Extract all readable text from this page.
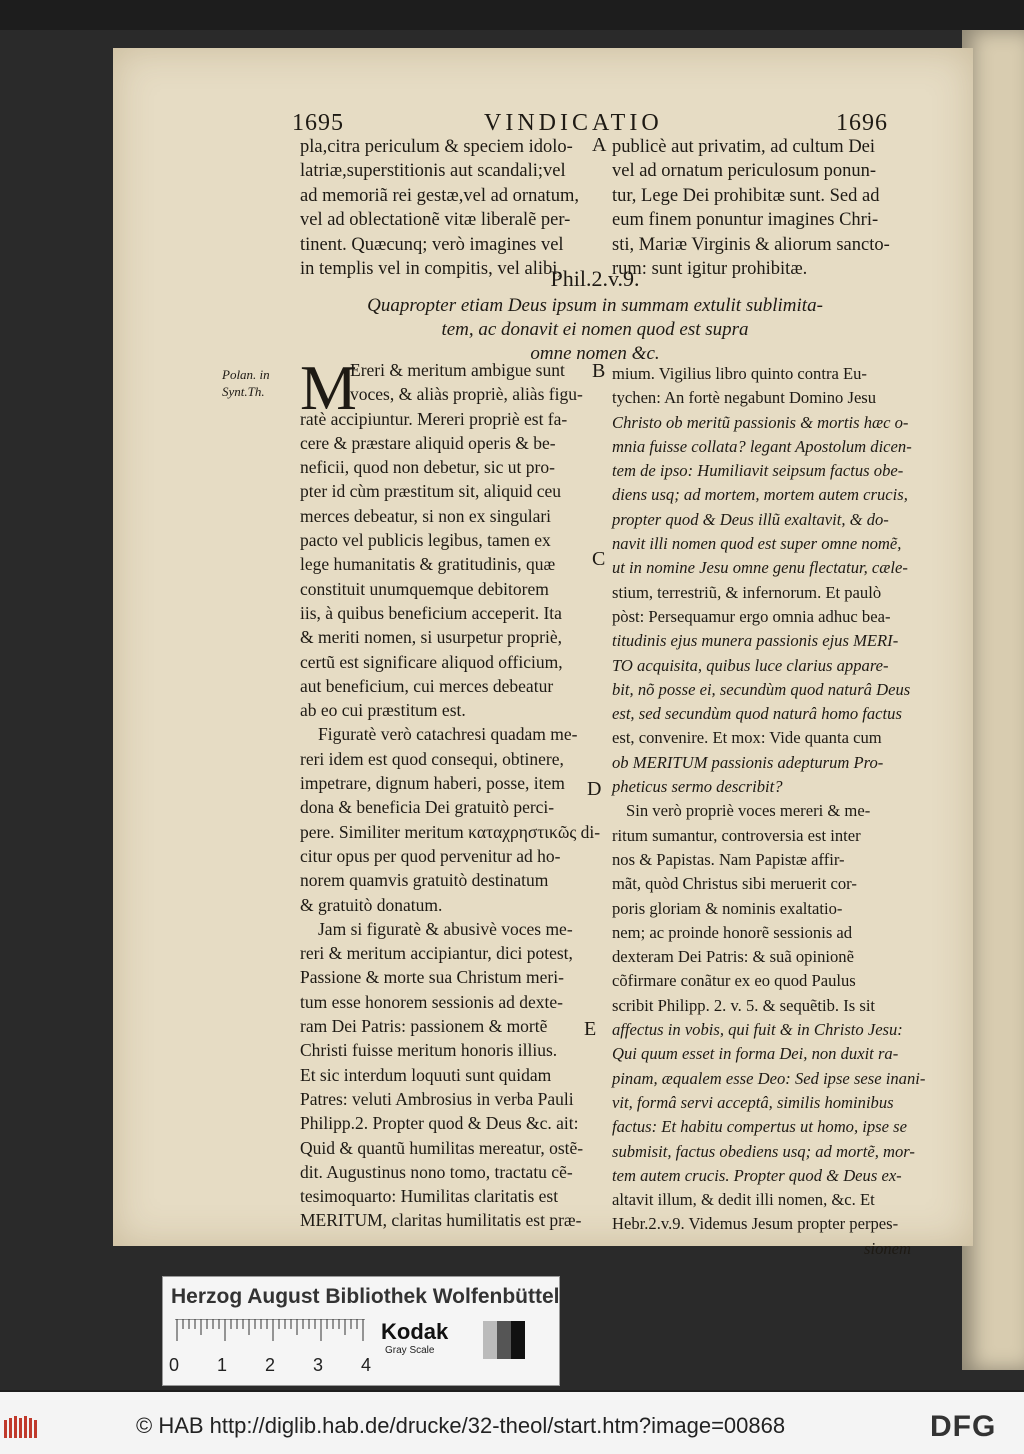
1695	VINDICATIO	1696
pla,citra periculum & speciem idolo-
latriæ,superstitionis aut scandali;vel
ad memoriã rei gestæ,vel ad ornatum,
vel ad oblectationẽ vitæ liberalẽ per-
tinent. Quæcunq; verò imagines vel
in templis vel in compitis, vel alibi,
A publicè aut privatim, ad cultum Dei
vel ad ornatum periculosum ponun-
tur, Lege Dei prohibitæ sunt. Sed ad
eum finem ponuntur imagines Chri-
sti, Mariæ Virginis & aliorum sancto-
rum: sunt igitur prohibitæ.
Phil.2.v.9.
Quapropter etiam Deus ipsum in summam extulit sublimita-
tem, ac donavit ei nomen quod est supra
omne nomen &c.
Polan. in
Synt.Th. M
Ereri & meritum ambigue sunt
voces, & aliàs propriè, aliàs figu-
ratè accipiuntur. Mereri propriè est fa-
cere & præstare aliquid operis & be-
neficii, quod non debetur, sic ut pro-
pter id cùm præstitum sit, aliquid ceu
merces debeatur, si non ex singulari
pacto vel publicis legibus, tamen ex
lege humanitatis & gratitudinis, quæ
constituit unumquemque debitorem
iis, à quibus beneficium acceperit. Ita
& meriti nomen, si usurpetur propriè,
certũ est significare aliquod officium,
aut beneficium, cui merces debeatur
ab eo cui præstitum est.
Figuratè verò catachresi quadam me-
reri idem est quod consequi, obtinere,
impetrare, dignum haberi, posse, item
dona & beneficia Dei gratuitò perci-
pere. Similiter meritum καταχρηστικῶς di-
citur opus per quod pervenitur ad ho-
norem quamvis gratuitò destinatum
& gratuitò donatum.
Jam si figuratè & abusivè voces me-
reri & meritum accipiantur, dici potest,
Passione & morte sua Christum meri-
tum esse honorem sessionis ad dexte-
ram Dei Patris: passionem & mortẽ
Christi fuisse meritum honoris illius.
Et sic interdum loquuti sunt quidam
Patres: veluti Ambrosius in verba Pauli
Philipp.2. Propter quod & Deus &c. ait:
Quid & quantũ humilitas mereatur, ostẽ-
dit. Augustinus nono tomo, tractatu cẽ-
tesimoquarto: Humilitas claritatis est
MERITUM, claritas humilitatis est præ-
B
C
D
E
mium. Vigilius libro quinto contra Eu-
tychen: An fortè negabunt Domino Jesu
Christo ob meritũ passionis & mortis hæc o-
mnia fuisse collata? legant Apostolum dicen-
tem de ipso: Humiliavit seipsum factus obe-
diens usq; ad mortem, mortem autem crucis,
propter quod & Deus illũ exaltavit, & do-
navit illi nomen quod est super omne nomẽ,
ut in nomine Jesu omne genu flectatur, cæle-
stium, terrestriũ, & infernorum. Et paulò
pòst: Persequamur ergo omnia adhuc bea-
titudinis ejus munera passionis ejus MERI-
TO acquisita, quibus luce clarius appare-
bit, nõ posse ei, secundùm quod naturâ Deus
est, sed secundùm quod naturâ homo factus
est, convenire. Et mox: Vide quanta cum
ob MERITUM passionis adepturum Pro-
pheticus sermo describit?
Sin verò propriè voces mereri & me-
ritum sumantur, controversia est inter
nos & Papistas. Nam Papistæ affir-
mãt, quòd Christus sibi meruerit cor-
poris gloriam & nominis exaltatio-
nem; ac proinde honorẽ sessionis ad
dexteram Dei Patris: & suã opinionẽ
cõfirmare conãtur ex eo quod Paulus
scribit Philipp. 2. v. 5. & sequẽtib. Is sit
affectus in vobis, qui fuit & in Christo Jesu:
Qui quum esset in forma Dei, non duxit ra-
pinam, æqualem esse Deo: Sed ipse sese inani-
vit, formâ servi acceptâ, similis hominibus
factus: Et habitu compertus ut homo, ipse se
submisit, factus obediens usq; ad mortẽ, mor-
tem autem crucis. Propter quod & Deus ex-
altavit illum, & dedit illi nomen, &c. Et
Hebr.2.v.9. Videmus Jesum propter perpes-
sionem
Herzog August Bibliothek Wolfenbüttel
Kodak
Gray Scale
0 1 2 3 4
© HAB http://diglib.hab.de/drucke/32-theol/start.htm?image=00868	DFG
